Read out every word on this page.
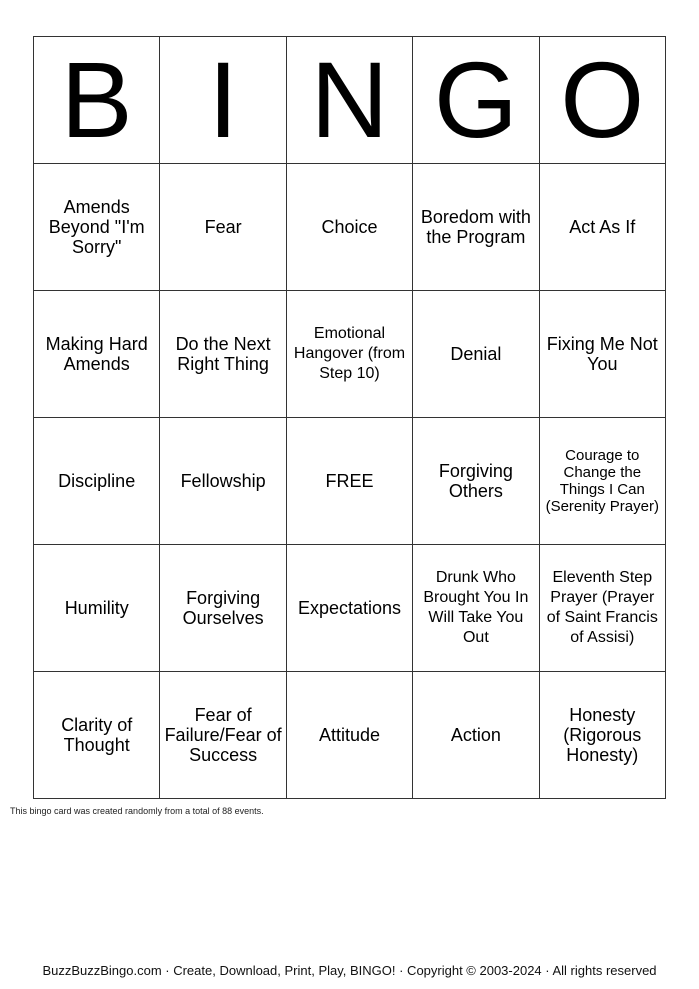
B	I	N	G	O
Amends Beyond "I'm Sorry"	Fear	Choice	Boredom with the Program	Act As If
Making Hard Amends	Do the Next Right Thing	Emotional Hangover (from Step 10)	Denial	Fixing Me Not You
Discipline	Fellowship	FREE	Forgiving Others	Courage to Change the Things I Can (Serenity Prayer)
Humility	Forgiving Ourselves	Expectations	Drunk Who Brought You In Will Take You Out	Eleventh Step Prayer (Prayer of Saint Francis of Assisi)
Clarity of Thought	Fear of Failure/Fear of Success	Attitude	Action	Honesty (Rigorous Honesty)
This bingo card was created randomly from a total of 88 events.
BuzzBuzzBingo.com · Create, Download, Print, Play, BINGO! · Copyright © 2003-2024 · All rights reserved
